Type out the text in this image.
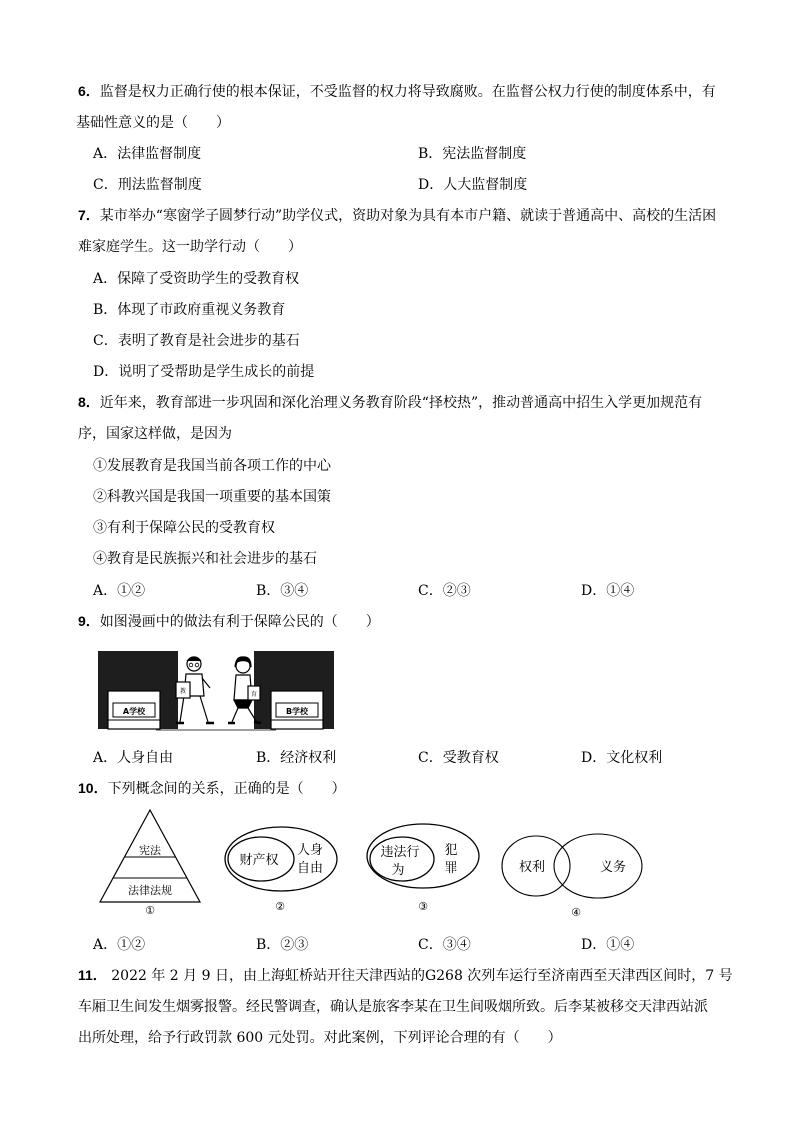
6．监督是权力正确行使的根本保证，不受监督的权力将导致腐败。在监督公权力行使的制度体系中，有
基础性意义的是（　　）
A．法律监督制度	B．宪法监督制度
C．刑法监督制度	D．人大监督制度
7．某市举办“寒窗学子圆梦行动”助学仪式，资助对象为具有本市户籍、就读于普通高中、高校的生活困
难家庭学生。这一助学行动（　　）
A．保障了受资助学生的受教育权
B．体现了市政府重视义务教育
C．表明了教育是社会进步的基石
D．说明了受帮助是学生成长的前提
8．近年来，教育部进一步巩固和深化治理义务教育阶段“择校热”，推动普通高中招生入学更加规范有
序，国家这样做，是因为
①发展教育是我国当前各项工作的中心
②科教兴国是我国一项重要的基本国策
③有利于保障公民的受教育权
④教育是民族振兴和社会进步的基石
A．①②	B．③④	C．②③	D．①④
9．如图漫画中的做法有利于保障公民的（　　）
A学校	B学校
教	育
A．人身自由	B．经济权利	C．受教育权	D．文化权利
10．下列概念间的关系，正确的是（　　）
宪法
法律法规
①
财产权
人身
自由
②
违法行
为
犯
罪
③
权利	义务
④
A．①②	B．②③	C．③④	D．①④
11． 2022 年 2 月 9 日，由上海虹桥站开往天津西站的G268 次列车运行至济南西至天津西区间时，7 号
车厢卫生间发生烟雾报警。经民警调查，确认是旅客李某在卫生间吸烟所致。后李某被移交天津西站派
出所处理，给予行政罚款 600 元处罚。对此案例，下列评论合理的有（　　）
